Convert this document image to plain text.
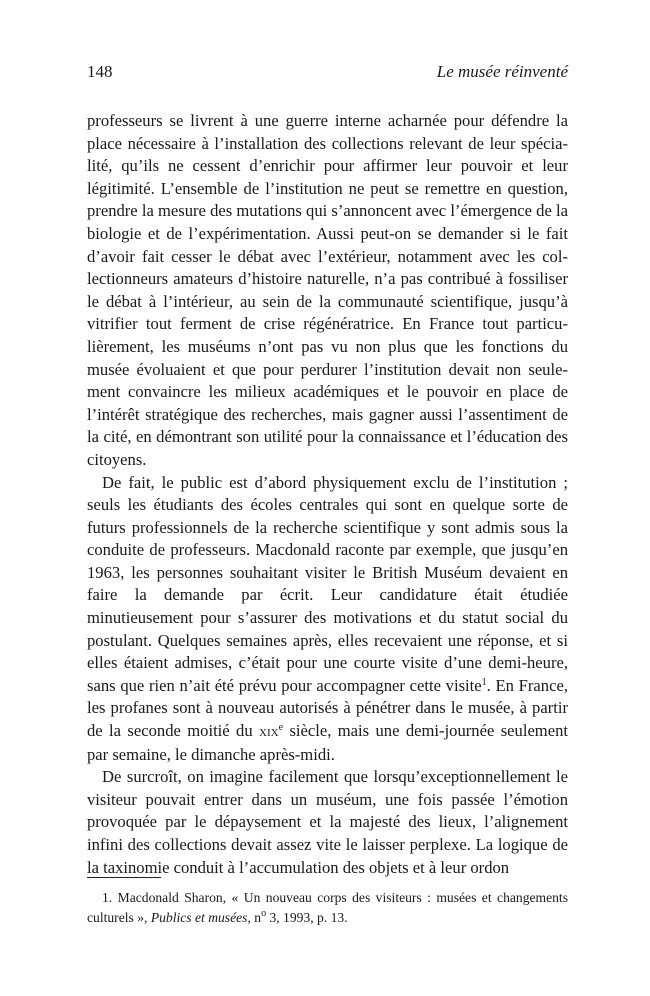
148	Le musée réinventé

professeurs se livrent à une guerre interne acharnée pour défendre la place nécessaire à l’installation des collections relevant de leur spécialité, qu’ils ne cessent d’enrichir pour affirmer leur pouvoir et leur légitimité. L’ensemble de l’institution ne peut se remettre en question, prendre la mesure des mutations qui s’annoncent avec l’émergence de la biologie et de l’expérimentation. Aussi peut-on se demander si le fait d’avoir fait cesser le débat avec l’extérieur, notamment avec les collectionneurs amateurs d’histoire naturelle, n’a pas contribué à fossiliser le débat à l’intérieur, au sein de la communauté scientifique, jusqu’à vitrifier tout ferment de crise régénératrice. En France tout particulièrement, les muséums n’ont pas vu non plus que les fonctions du musée évoluaient et que pour perdurer l’institution devait non seulement convaincre les milieux académiques et le pouvoir en place de l’intérêt stratégique des recherches, mais gagner aussi l’assentiment de la cité, en démontrant son utilité pour la connaissance et l’éducation des citoyens.

De fait, le public est d’abord physiquement exclu de l’institution ; seuls les étudiants des écoles centrales qui sont en quelque sorte de futurs professionnels de la recherche scientifique y sont admis sous la conduite de professeurs. Macdonald raconte par exemple, que jusqu’en 1963, les personnes souhaitant visiter le British Muséum devaient en faire la demande par écrit. Leur candidature était étudiée minutieusement pour s’assurer des motivations et du statut social du postulant. Quelques semaines après, elles recevaient une réponse, et si elles étaient admises, c’était pour une courte visite d’une demi-heure, sans que rien n’ait été prévu pour accompagner cette visite$^1$. En France, les profanes sont à nouveau autorisés à pénétrer dans le musée, à partir de la seconde moitié du xix$^e$ siècle, mais une demi-journée seulement par semaine, le dimanche après-midi.

De surcroît, on imagine facilement que lorsqu’exceptionnellement le visiteur pouvait entrer dans un muséum, une fois passée l’émotion provoquée par le dépaysement et la majesté des lieux, l’alignement infini des collections devait assez vite le laisser perplexe. La logique de la taxinomie conduit à l’accumulation des objets et à leur ordon

1. Macdonald Sharon, « Un nouveau corps des visiteurs : musées et changements culturels », Publics et musées, $n^o$ 3, 1993, p. 13.
